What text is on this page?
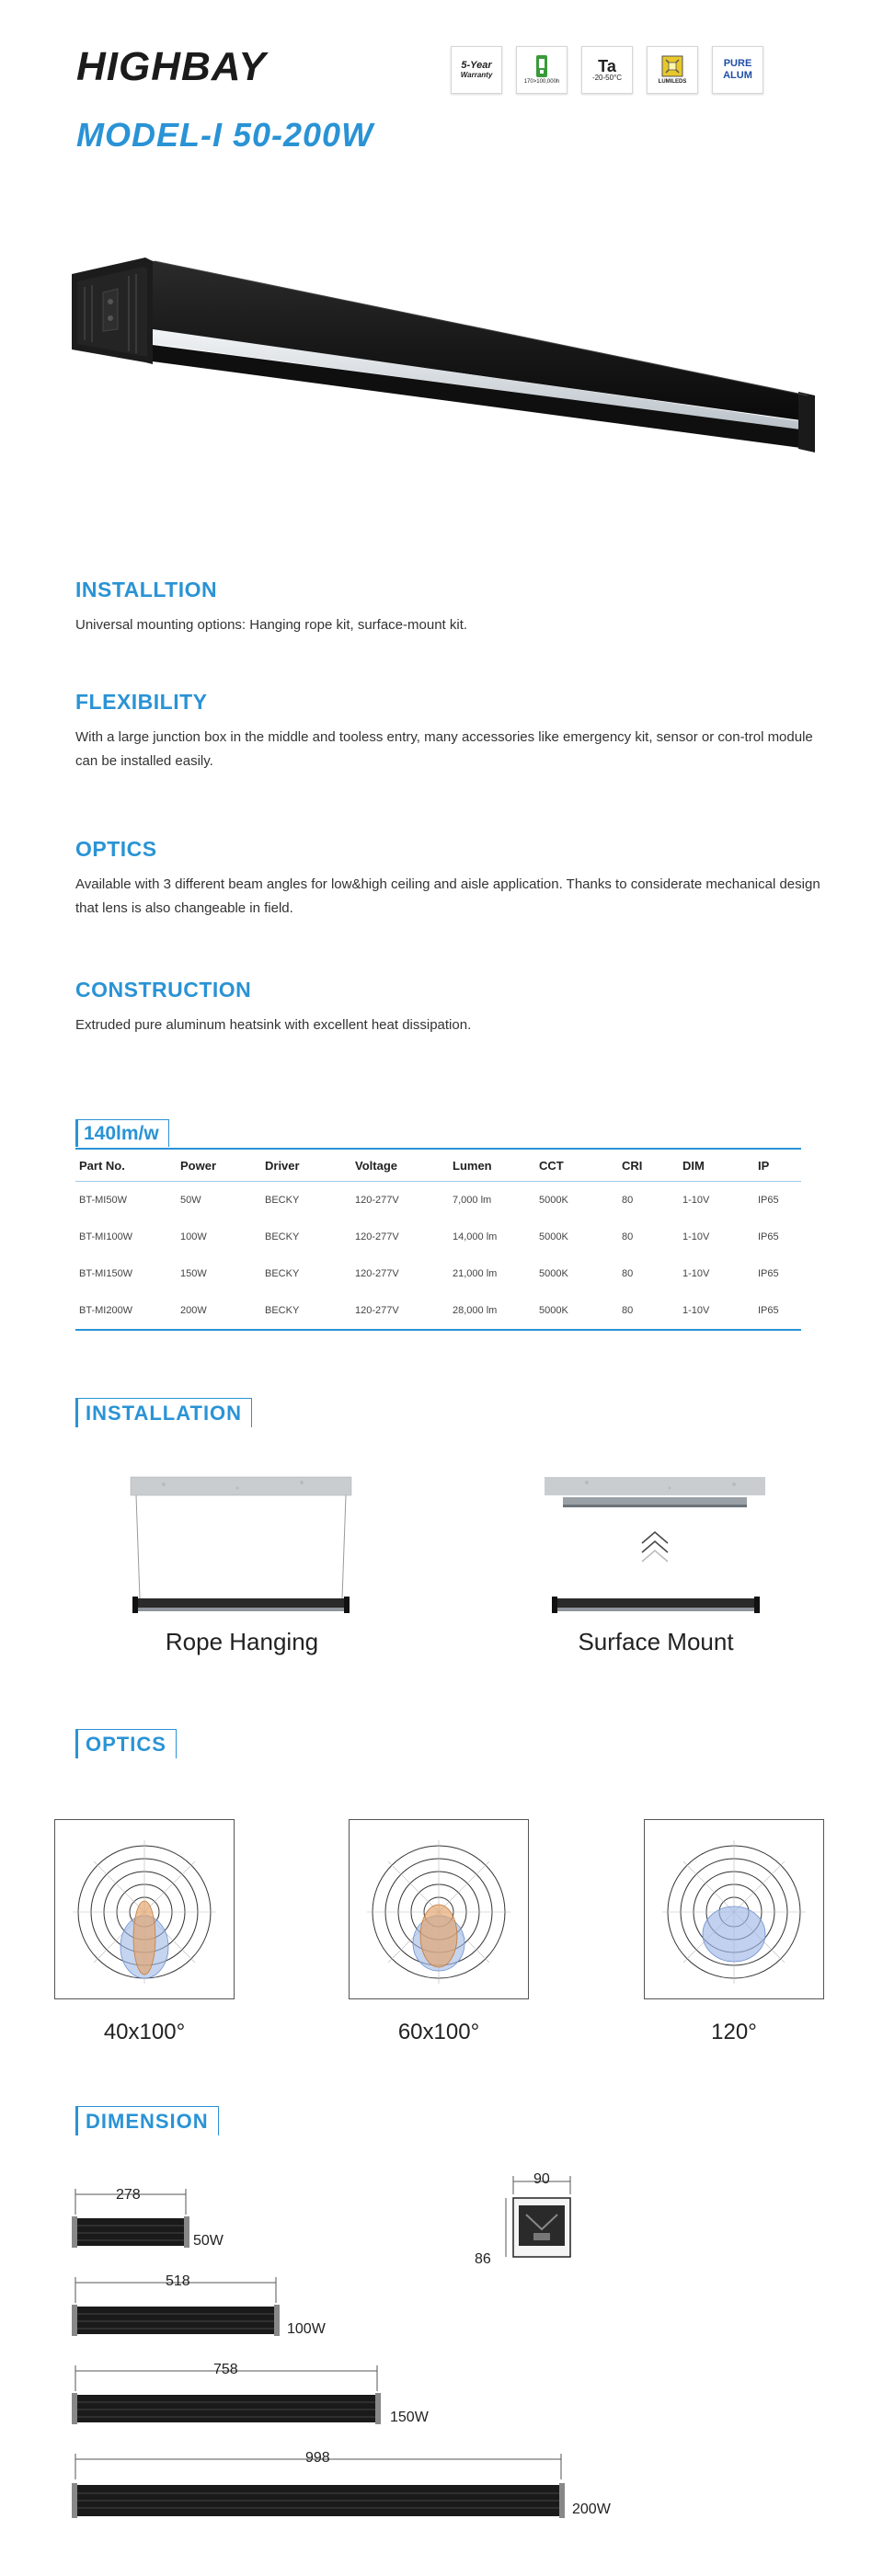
HIGHBAY
MODEL-I 50-200W
5-Year
Warranty
170>100,000h
Ta
-20-50°C	LUMILEDS
PURE
ALUM
INSTALLTION
Universal mounting options: Hanging rope kit, surface-mount kit.
FLEXIBILITY
With a large junction box in the middle and tooless entry, many accessories like emergency kit, sensor or con-trol module can be installed easily.
OPTICS
Available with 3 different beam angles for low&high ceiling and aisle application. Thanks to considerate mechanical design that lens is also changeable in field.
CONSTRUCTION
Extruded pure aluminum heatsink with excellent heat dissipation.
140lm/w
Part No.	Power	Driver	Voltage	Lumen	CCT	CRI	DIM	IP
BT-MI50W	50W	BECKY	120-277V	7,000 lm	5000K	80	1-10V	IP65
BT-MI100W	100W	BECKY	120-277V	14,000 lm	5000K	80	1-10V	IP65
BT-MI150W	150W	BECKY	120-277V	21,000 lm	5000K	80	1-10V	IP65
BT-MI200W	200W	BECKY	120-277V	28,000 lm	5000K	80	1-10V	IP65
INSTALLATION
Rope Hanging	Surface Mount
OPTICS
40x100°	60x100°	120°
DIMENSION
278
50W
90
86
518
100W
758
150W
998
200W
